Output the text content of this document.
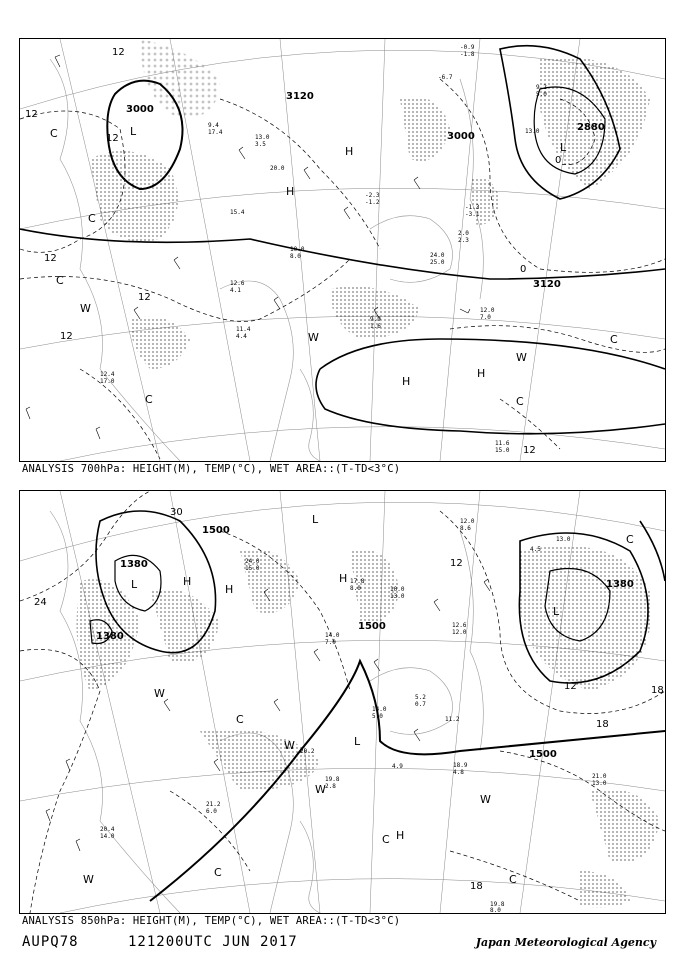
3000
3120
3000
2880
3120
L
L
H
H
H
H
C
C
C
W
W
W
C
C
C
12
12
12
12
12
12
0
0
12
13.0
3.5
9.4
17.4
20.0
15.4
10.0
8.0
12.6
4.1
11.4
4.4
9.9
1.6
12.0
7.0
-2.3
-1.2
24.0
25.0
2.0
2.3
-1.3
-3.1
11.6
15.0
12.4
17.0
-0.9
-1.8
9.2
5.0
13.0
-6.7
ANALYSIS 700hPa: HEIGHT(M), TEMP(°C), WET AREA::(T-TD<3°C)
1500
1380
1500
1380
1380
1500
L	H
L
H
L
H
L
H
C
C
C
C
W
W
W
W
W	C
30
24
12	18
18
18
12
24.0
15.0
17.8
8.0
14.0
7.0
10.0
13.0
12.6
12.0
5.2
0.7
11.2
14.0
5.0
18.9
4.8
21.0
13.0
19.8
2.8
21.2
6.0
20.4
14.0
20.2
19.8
8.0
4.9
12.0
8.6
4.5
13.0
ANALYSIS 850hPa: HEIGHT(M), TEMP(°C), WET AREA::(T-TD<3°C)
AUPQ78	121200UTC JUN 2017	Japan Meteorological Agency
